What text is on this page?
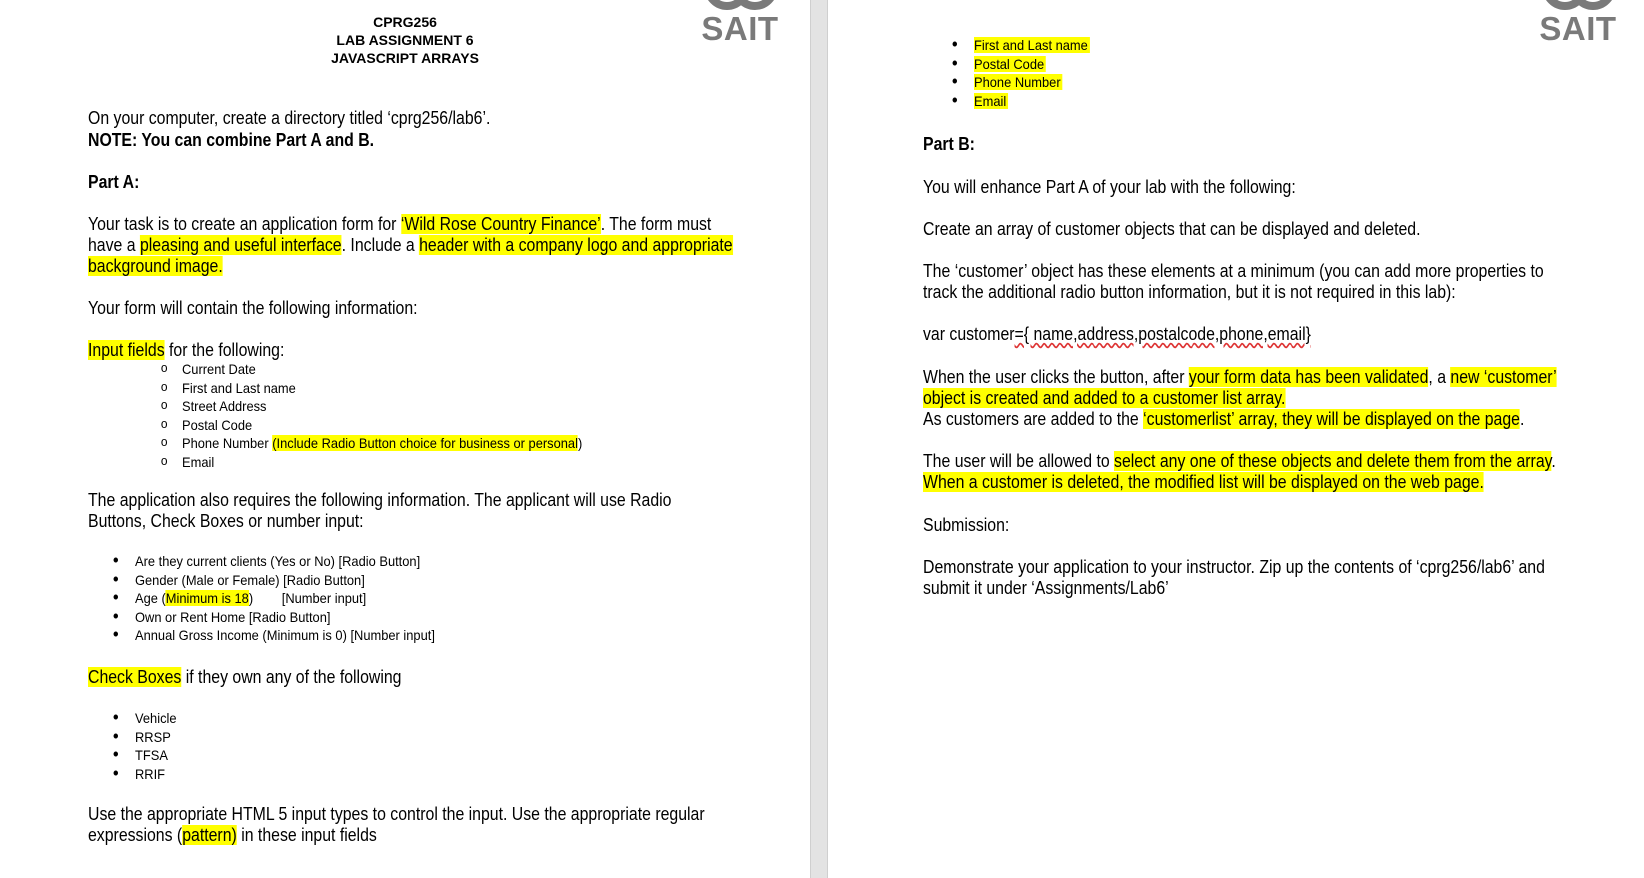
SAIT
CPRG256
LAB ASSIGNMENT 6
JAVASCRIPT ARRAYS
On your computer, create a directory titled ‘cprg256/lab6’.
NOTE: You can combine Part A and B.
Part A:
Your task is to create an application form for ‘Wild Rose Country Finance’. The form must
have a pleasing and useful interface. Include a header with a company logo and appropriate
background image.
Your form will contain the following information:
Input fields for the following:
o Current Date
o First and Last name
o Street Address
o Postal Code
o Phone Number (Include Radio Button choice for business or personal)
o Email
The application also requires the following information. The applicant will use Radio
Buttons, Check Boxes or number input:
• Are they current clients (Yes or No) [Radio Button]
• Gender (Male or Female) [Radio Button]
• Age (Minimum is 18)        [Number input]
• Own or Rent Home [Radio Button]
• Annual Gross Income (Minimum is 0) [Number input]
Check Boxes if they own any of the following
• Vehicle
• RRSP
• TFSA
• RRIF
Use the appropriate HTML 5 input types to control the input. Use the appropriate regular
expressions (pattern) in these input fields
SAIT
• First and Last name
• Postal Code
• Phone Number
• Email
Part B:
You will enhance Part A of your lab with the following:
Create an array of customer objects that can be displayed and deleted.
The ‘customer’ object has these elements at a minimum (you can add more properties to
track the additional radio button information, but it is not required in this lab):
var customer={ name,address,postalcode,phone,email}
When the user clicks the button, after your form data has been validated, a new ‘customer’
object is created and added to a customer list array.
As customers are added to the ‘customerlist’ array, they will be displayed on the page.
The user will be allowed to select any one of these objects and delete them from the array.
When a customer is deleted, the modified list will be displayed on the web page.
Submission:
Demonstrate your application to your instructor. Zip up the contents of ‘cprg256/lab6’ and
submit it under ‘Assignments/Lab6’
